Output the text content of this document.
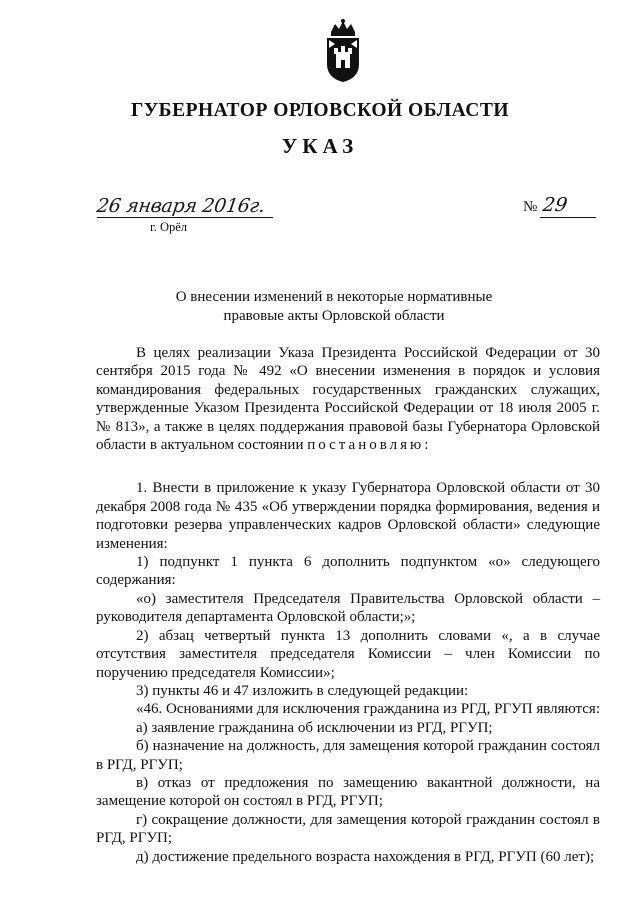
ГУБЕРНАТОР ОРЛОВСКОЙ ОБЛАСТИ
УКАЗ
26 января 2016г.
г. Орёл
№ 29
О внесении изменений в некоторые нормативные
правовые акты Орловской области

В целях реализации Указа Президента Российской Федерации от 30 сентября 2015 года № 492 «О внесении изменения в порядок и условия командирования федеральных государственных гражданских служащих, утвержденные Указом Президента Российской Федерации от 18 июля 2005 г. № 813», а также в целях поддержания правовой базы Губернатора Орловской области в актуальном состоянии постановляю:

1. Внести в приложение к указу Губернатора Орловской области от 30 декабря 2008 года № 435 «Об утверждении порядка формирования, ведения и подготовки резерва управленческих кадров Орловской области» следующие изменения:

1) подпункт 1 пункта 6 дополнить подпунктом «о» следующего содержания:

«о) заместителя Председателя Правительства Орловской области – руководителя департамента Орловской области;»;

2) абзац четвертый пункта 13 дополнить словами «, а в случае отсутствия заместителя председателя Комиссии – член Комиссии по поручению председателя Комиссии»;

3) пункты 46 и 47 изложить в следующей редакции:

«46. Основаниями для исключения гражданина из РГД, РГУП являются:

а) заявление гражданина об исключении из РГД, РГУП;

б) назначение на должность, для замещения которой гражданин состоял в РГД, РГУП;

в) отказ от предложения по замещению вакантной должности, на замещение которой он состоял в РГД, РГУП;

г) сокращение должности, для замещения которой гражданин состоял в РГД, РГУП;

д) достижение предельного возраста нахождения в РГД, РГУП (60 лет);
